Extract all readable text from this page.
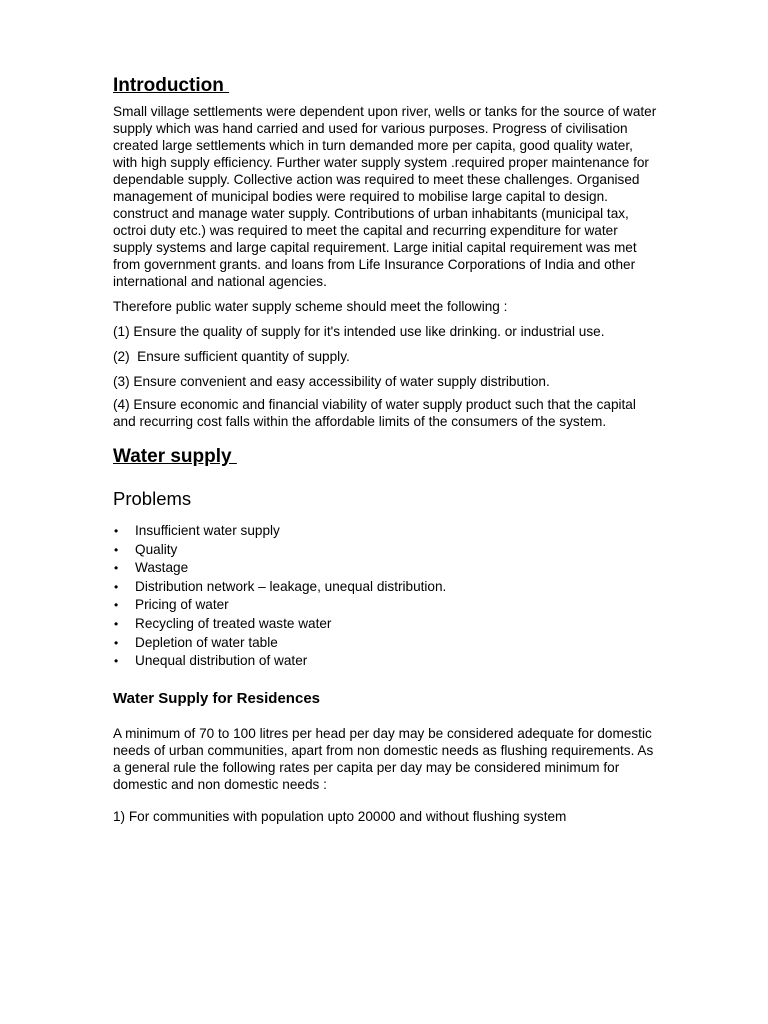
Introduction

Small village settlements were dependent upon river, wells or tanks for the source of water supply which was hand carried and used for various purposes. Progress of civilisation created large settlements which in turn demanded more per capita, good quality water, with high supply efficiency. Further water supply system .required proper maintenance for dependable supply. Collective action was required to meet these challenges. Organised management of municipal bodies were required to mobilise large capital to design. construct and manage water supply. Contributions of urban inhabitants (municipal tax, octroi duty etc.) was required to meet the capital and recurring expenditure for water supply systems and large capital requirement. Large initial capital requirement was met from government grants. and loans from Life Insurance Corporations of India and other international and national agencies.

Therefore public water supply scheme should meet the following :

(1) Ensure the quality of supply for it's intended use like drinking. or industrial use.

(2)  Ensure sufficient quantity of supply.

(3) Ensure convenient and easy accessibility of water supply distribution.

(4) Ensure economic and financial viability of water supply product such that the capital and recurring cost falls within the affordable limits of the consumers of the system.

Water supply
Problems
• Insufficient water supply
• Quality
• Wastage
• Distribution network – leakage, unequal distribution.
• Pricing of water
• Recycling of treated waste water
• Depletion of water table
• Unequal distribution of water
Water Supply for Residences

A minimum of 70 to 100 litres per head per day may be considered adequate for domestic needs of urban communities, apart from non domestic needs as flushing requirements. As a general rule the following rates per capita per day may be considered minimum for domestic and non domestic needs :

1) For communities with population upto 20000 and without flushing system
